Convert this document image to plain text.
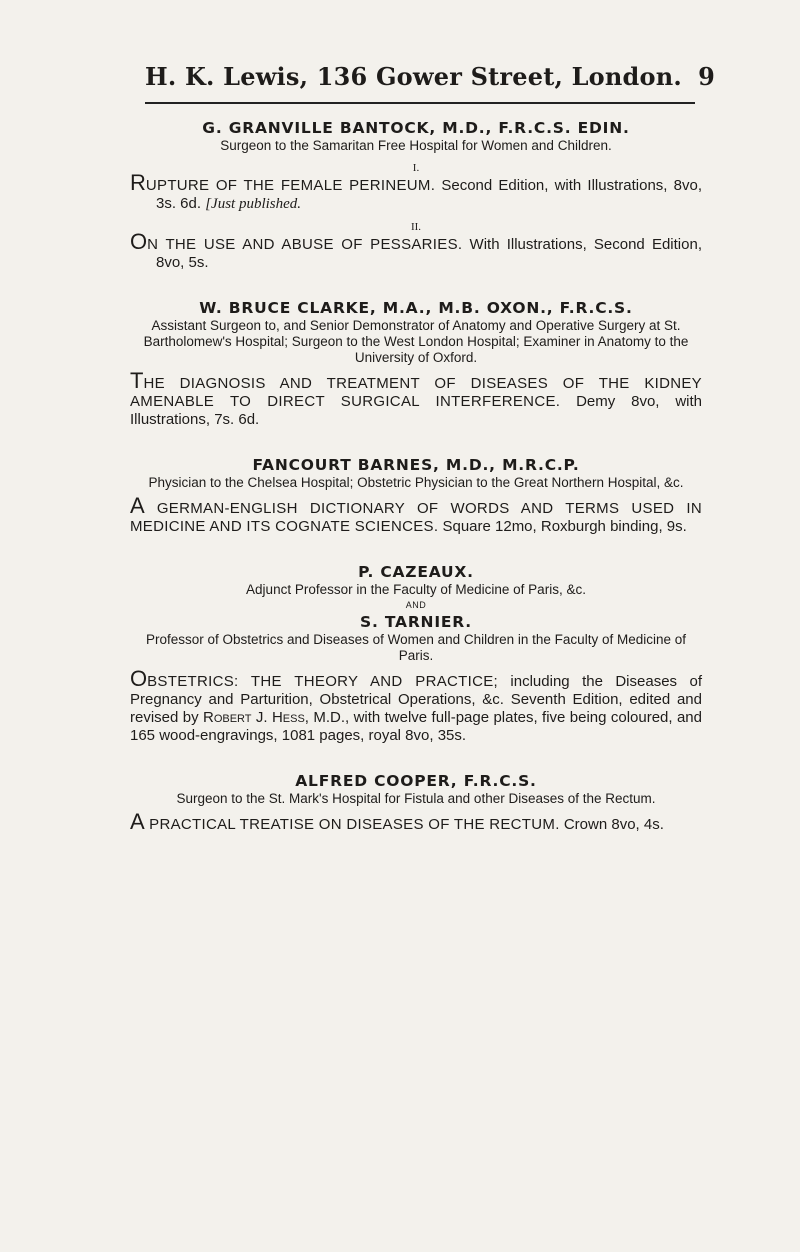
H. K. Lewis, 136 Gower Street, London. 9

G. GRANVILLE BANTOCK, M.D., F.R.C.S. EDIN.

Surgeon to the Samaritan Free Hospital for Women and Children.

I.

RUPTURE OF THE FEMALE PERINEUM. Second Edition, with Illustrations, 8vo, 3s. 6d. [Just published.

II.

ON THE USE AND ABUSE OF PESSARIES. With Illustrations, Second Edition, 8vo, 5s.

W. BRUCE CLARKE, M.A., M.B. OXON., F.R.C.S.

Assistant Surgeon to, and Senior Demonstrator of Anatomy and Operative Surgery at St. Bartholomew's Hospital; Surgeon to the West London Hospital; Examiner in Anatomy to the University of Oxford.

THE DIAGNOSIS AND TREATMENT OF DISEASES OF THE KIDNEY AMENABLE TO DIRECT SURGICAL INTERFERENCE. Demy 8vo, with Illustrations, 7s. 6d.

FANCOURT BARNES, M.D., M.R.C.P.

Physician to the Chelsea Hospital; Obstetric Physician to the Great Northern Hospital, &c.

A GERMAN-ENGLISH DICTIONARY OF WORDS AND TERMS USED IN MEDICINE AND ITS COGNATE SCIENCES. Square 12mo, Roxburgh binding, 9s.

P. CAZEAUX.

Adjunct Professor in the Faculty of Medicine of Paris, &c.

AND

S. TARNIER.

Professor of Obstetrics and Diseases of Women and Children in the Faculty of Medicine of Paris.

OBSTETRICS: THE THEORY AND PRACTICE; including the Diseases of Pregnancy and Parturition, Obstetrical Operations, &c. Seventh Edition, edited and revised by Robert J. Hess, M.D., with twelve full-page plates, five being coloured, and 165 wood-engravings, 1081 pages, royal 8vo, 35s.

ALFRED COOPER, F.R.C.S.

Surgeon to the St. Mark's Hospital for Fistula and other Diseases of the Rectum.

A PRACTICAL TREATISE ON DISEASES OF THE RECTUM. Crown 8vo, 4s.
